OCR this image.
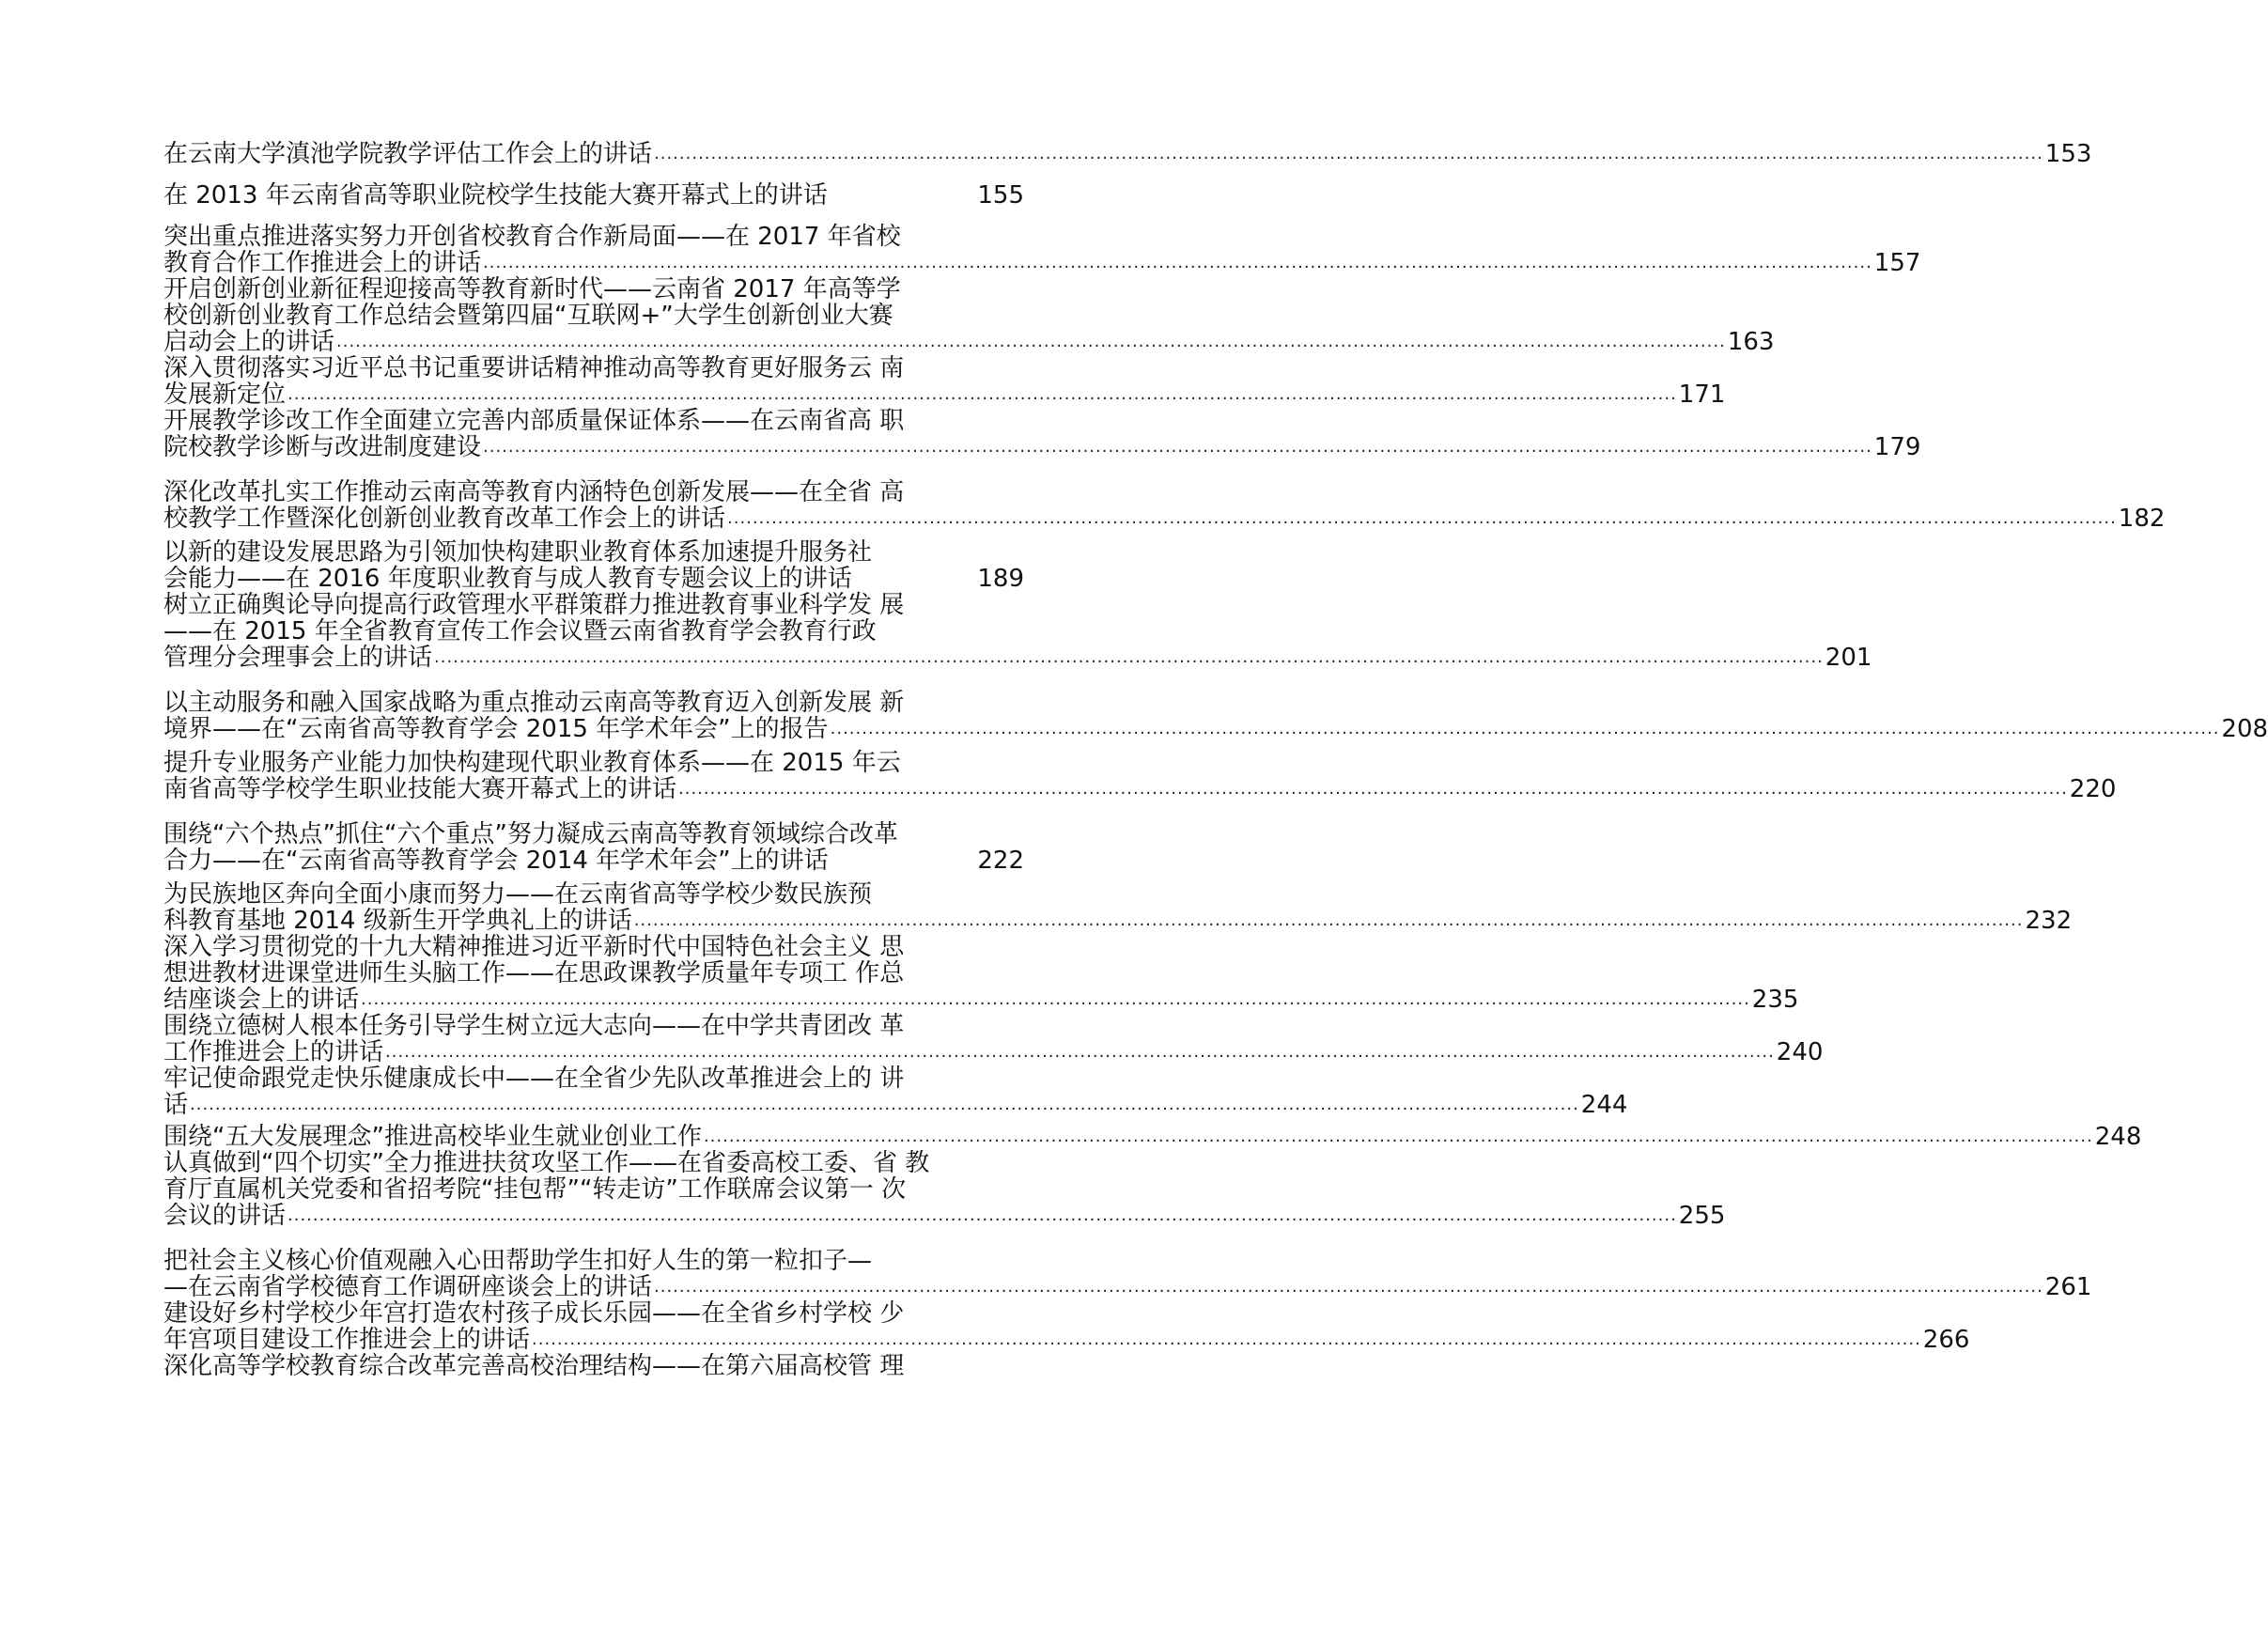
在云南大学滇池学院教学评估工作会上的讲话 ............................................................................................................................................................................................................................ 153
在 2013 年云南省高等职业院校学生技能大赛开幕式上的讲话	155
突出重点推进落实努力开创省校教育合作新局面——在 2017 年省校
教育合作工作推进会上的讲话 ............................................................................................................................................................................................................................ 157
开启创新创业新征程迎接高等教育新时代——云南省 2017 年高等学
校创新创业教育工作总结会暨第四届“互联网+”大学生创新创业大赛
启动会上的讲话 ............................................................................................................................................................................................................................ 163
深入贯彻落实习近平总书记重要讲话精神推动高等教育更好服务云 南
发展新定位 ............................................................................................................................................................................................................................ 171
开展教学诊改工作全面建立完善内部质量保证体系——在云南省高 职
院校教学诊断与改进制度建设 ............................................................................................................................................................................................................................ 179
深化改革扎实工作推动云南高等教育内涵特色创新发展——在全省 高
校教学工作暨深化创新创业教育改革工作会上的讲话 ............................................................................................................................................................................................................................ 182
以新的建设发展思路为引领加快构建职业教育体系加速提升服务社
会能力——在 2016 年度职业教育与成人教育专题会议上的讲话	189
树立正确舆论导向提高行政管理水平群策群力推进教育事业科学发 展
——在 2015 年全省教育宣传工作会议暨云南省教育学会教育行政
管理分会理事会上的讲话 ............................................................................................................................................................................................................................ 201
以主动服务和融入国家战略为重点推动云南高等教育迈入创新发展 新
境界——在“云南省高等教育学会 2015 年学术年会”上的报告 ............................................................................................................................................................................................................................ 208
提升专业服务产业能力加快构建现代职业教育体系——在 2015 年云
南省高等学校学生职业技能大赛开幕式上的讲话 ............................................................................................................................................................................................................................ 220
围绕“六个热点”抓住“六个重点”努力凝成云南高等教育领域综合改革
合力——在“云南省高等教育学会 2014 年学术年会”上的讲话	222
为民族地区奔向全面小康而努力——在云南省高等学校少数民族预
科教育基地 2014 级新生开学典礼上的讲话 ............................................................................................................................................................................................................................ 232
深入学习贯彻党的十九大精神推进习近平新时代中国特色社会主义 思
想进教材进课堂进师生头脑工作——在思政课教学质量年专项工 作总
结座谈会上的讲话 ............................................................................................................................................................................................................................ 235
围绕立德树人根本任务引导学生树立远大志向——在中学共青团改 革
工作推进会上的讲话 ............................................................................................................................................................................................................................ 240
牢记使命跟党走快乐健康成长中——在全省少先队改革推进会上的 讲
话 ............................................................................................................................................................................................................................ 244
围绕“五大发展理念”推进高校毕业生就业创业工作 ............................................................................................................................................................................................................................ 248
认真做到“四个切实”全力推进扶贫攻坚工作——在省委高校工委、省 教
育厅直属机关党委和省招考院“挂包帮”“转走访”工作联席会议第一 次
会议的讲话 ............................................................................................................................................................................................................................ 255
把社会主义核心价值观融入心田帮助学生扣好人生的第一粒扣子—
—在云南省学校德育工作调研座谈会上的讲话 ............................................................................................................................................................................................................................ 261
建设好乡村学校少年宫打造农村孩子成长乐园——在全省乡村学校 少
年宫项目建设工作推进会上的讲话 ............................................................................................................................................................................................................................ 266
深化高等学校教育综合改革完善高校治理结构——在第六届高校管 理
